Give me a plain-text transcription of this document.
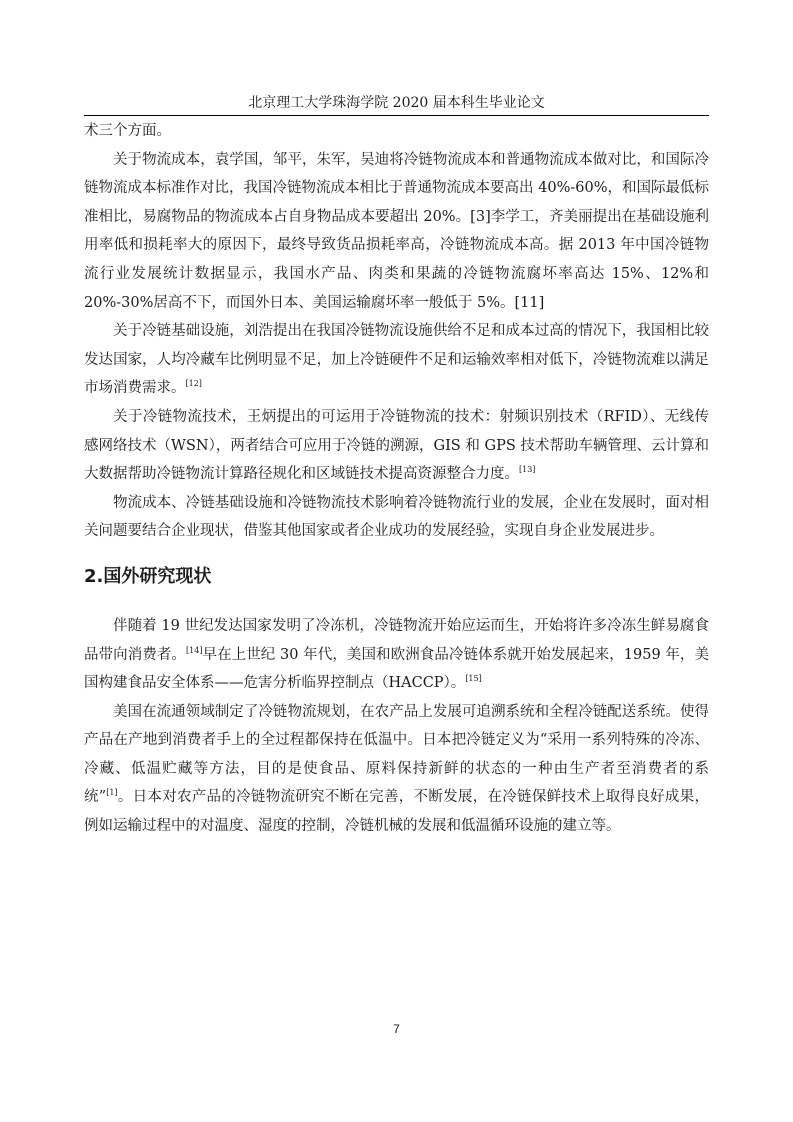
北京理工大学珠海学院 2020 届本科生毕业论文

术三个方面。

关于物流成本，袁学国，邹平，朱军，吴迪将冷链物流成本和普通物流成本做对比，和国际冷链物流成本标准作对比，我国冷链物流成本相比于普通物流成本要高出 40%-60%，和国际最低标准相比，易腐物品的物流成本占自身物品成本要超出 20%。[3]李学工，齐美丽提出在基础设施利用率低和损耗率大的原因下，最终导致货品损耗率高，冷链物流成本高。据 2013 年中国冷链物流行业发展统计数据显示，我国水产品、肉类和果蔬的冷链物流腐坏率高达 15%、12%和 20%-30%居高不下，而国外日本、美国运输腐坏率一般低于 5%。[11]

关于冷链基础设施，刘浩提出在我国冷链物流设施供给不足和成本过高的情况下，我国相比较发达国家，人均冷藏车比例明显不足，加上冷链硬件不足和运输效率相对低下，冷链物流难以满足市场消费需求。[12]

关于冷链物流技术，王炳提出的可运用于冷链物流的技术：射频识别技术（RFID）、无线传感网络技术（WSN），两者结合可应用于冷链的溯源，GIS 和 GPS 技术帮助车辆管理、云计算和大数据帮助冷链物流计算路径规化和区域链技术提高资源整合力度。[13]

物流成本、冷链基础设施和冷链物流技术影响着冷链物流行业的发展，企业在发展时，面对相关问题要结合企业现状，借鉴其他国家或者企业成功的发展经验，实现自身企业发展进步。

2.国外研究现状

伴随着 19 世纪发达国家发明了冷冻机，冷链物流开始应运而生，开始将许多冷冻生鲜易腐食品带向消费者。[14]早在上世纪 30 年代，美国和欧洲食品冷链体系就开始发展起来，1959 年，美国构建食品安全体系——危害分析临界控制点（HACCP）。[15]

美国在流通领域制定了冷链物流规划，在农产品上发展可追溯系统和全程冷链配送系统。使得产品在产地到消费者手上的全过程都保持在低温中。日本把冷链定义为“采用一系列特殊的冷冻、冷藏、低温贮藏等方法，目的是使食品、原料保持新鲜的状态的一种由生产者至消费者的系统”[1]。日本对农产品的冷链物流研究不断在完善，不断发展，在冷链保鲜技术上取得良好成果，例如运输过程中的对温度、湿度的控制，冷链机械的发展和低温循环设施的建立等。

7
